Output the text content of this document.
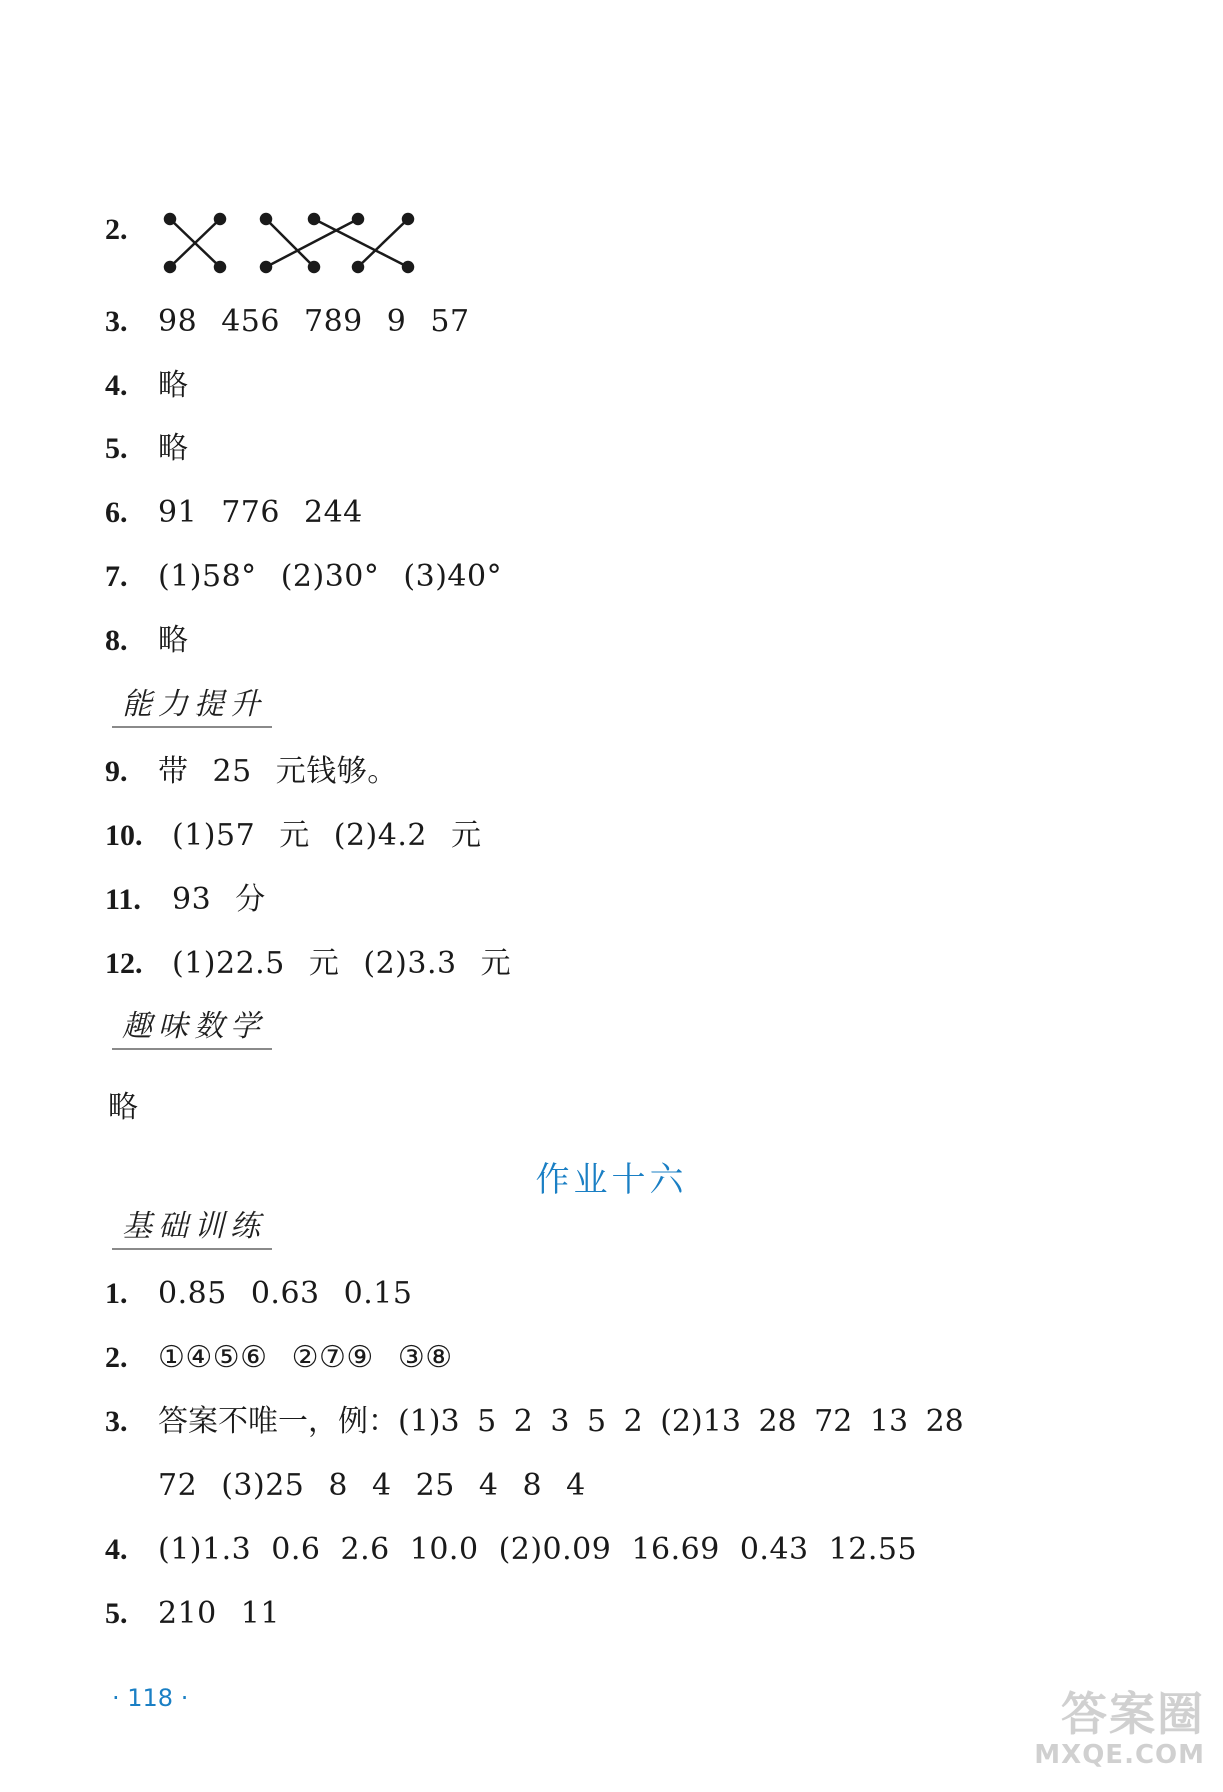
2.
3. 98 456 789 9 57
4. 略
5. 略
6. 91 776 244
7. (1)58° (2)30° (3)40°
8. 略
能力提升
9. 带 25 元钱够。
10. (1)57 元 (2)4.2 元
11. 93 分
12. (1)22.5 元 (2)3.3 元
趣味数学
略
作业十六
基础训练
1. 0.85 0.63 0.15
2. ①④⑤⑥ ②⑦⑨ ③⑧
3. 答案不唯一，例：(1)3 5 2 3 5 2 (2)13 28 72 13 28
72 (3)25 8 4 25 4 8 4
4. (1)1.3 0.6 2.6 10.0 (2)0.09 16.69 0.43 12.55
5. 210 11
· 118 ·	答案圈
MXQE.COM
